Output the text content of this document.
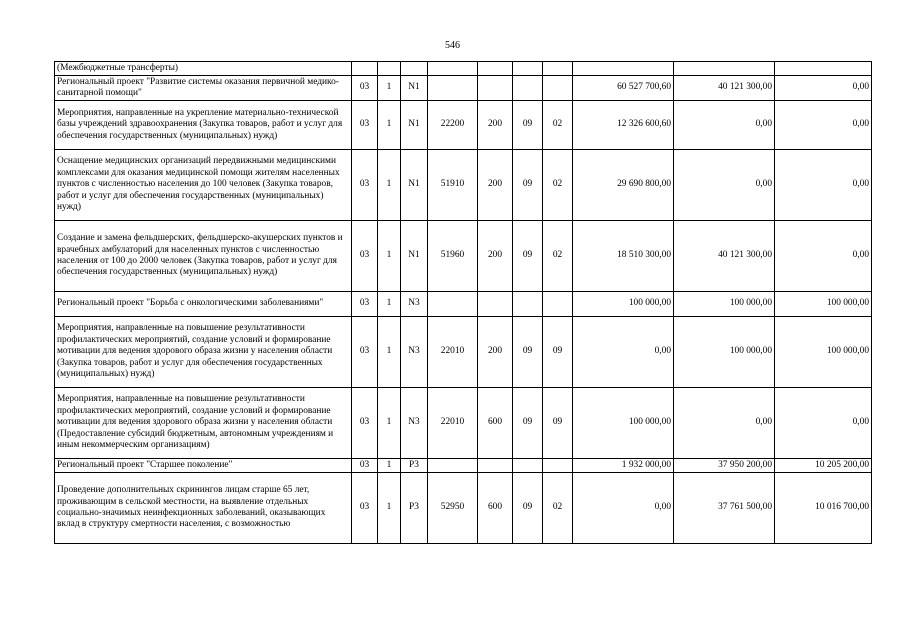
546
(Межбюджетные трансферты)										
Региональный проект "Развитие системы оказания первичной медико-санитарной помощи"	03	1	N1					60 527 700,60	40 121 300,00	0,00
Мероприятия, направленные на укрепление материально-технической базы учреждений здравоохранения (Закупка товаров, работ и услуг для обеспечения государственных (муниципальных) нужд)	03	1	N1	22200	200	09	02	12 326 600,60	0,00	0,00
Оснащение медицинских организаций передвижными медицинскими комплексами для оказания медицинской помощи жителям населенных пунктов с численностью населения до 100 человек (Закупка товаров, работ и услуг для обеспечения государственных (муниципальных) нужд)	03	1	N1	51910	200	09	02	29 690 800,00	0,00	0,00
Создание и замена фельдшерских, фельдшерско-акушерских пунктов и врачебных амбулаторий для населенных пунктов с численностью населения от 100 до 2000 человек (Закупка товаров, работ и услуг для обеспечения государственных (муниципальных) нужд)	03	1	N1	51960	200	09	02	18 510 300,00	40 121 300,00	0,00
Региональный проект "Борьба с онкологическими заболеваниями"	03	1	N3					100 000,00	100 000,00	100 000,00
Мероприятия, направленные на повышение результативности профилактических мероприятий, создание условий и формирование мотивации для ведения здорового образа жизни у населения области (Закупка товаров, работ и услуг для обеспечения государственных (муниципальных) нужд)	03	1	N3	22010	200	09	09	0,00	100 000,00	100 000,00
Мероприятия, направленные на повышение результативности профилактических мероприятий, создание условий и формирование мотивации для ведения здорового образа жизни у населения области (Предоставление субсидий бюджетным, автономным учреждениям и иным некоммерческим организациям)	03	1	N3	22010	600	09	09	100 000,00	0,00	0,00
Региональный проект "Старшее поколение"	03	1	P3					1 932 000,00	37 950 200,00	10 205 200,00
Проведение дополнительных скринингов лицам старше 65 лет, проживающим в сельской местности, на выявление отдельных социально-значимых неинфекционных заболеваний, оказывающих вклад в структуру смертности населения, с возможностью	03	1	P3	52950	600	09	02	0,00	37 761 500,00	10 016 700,00
